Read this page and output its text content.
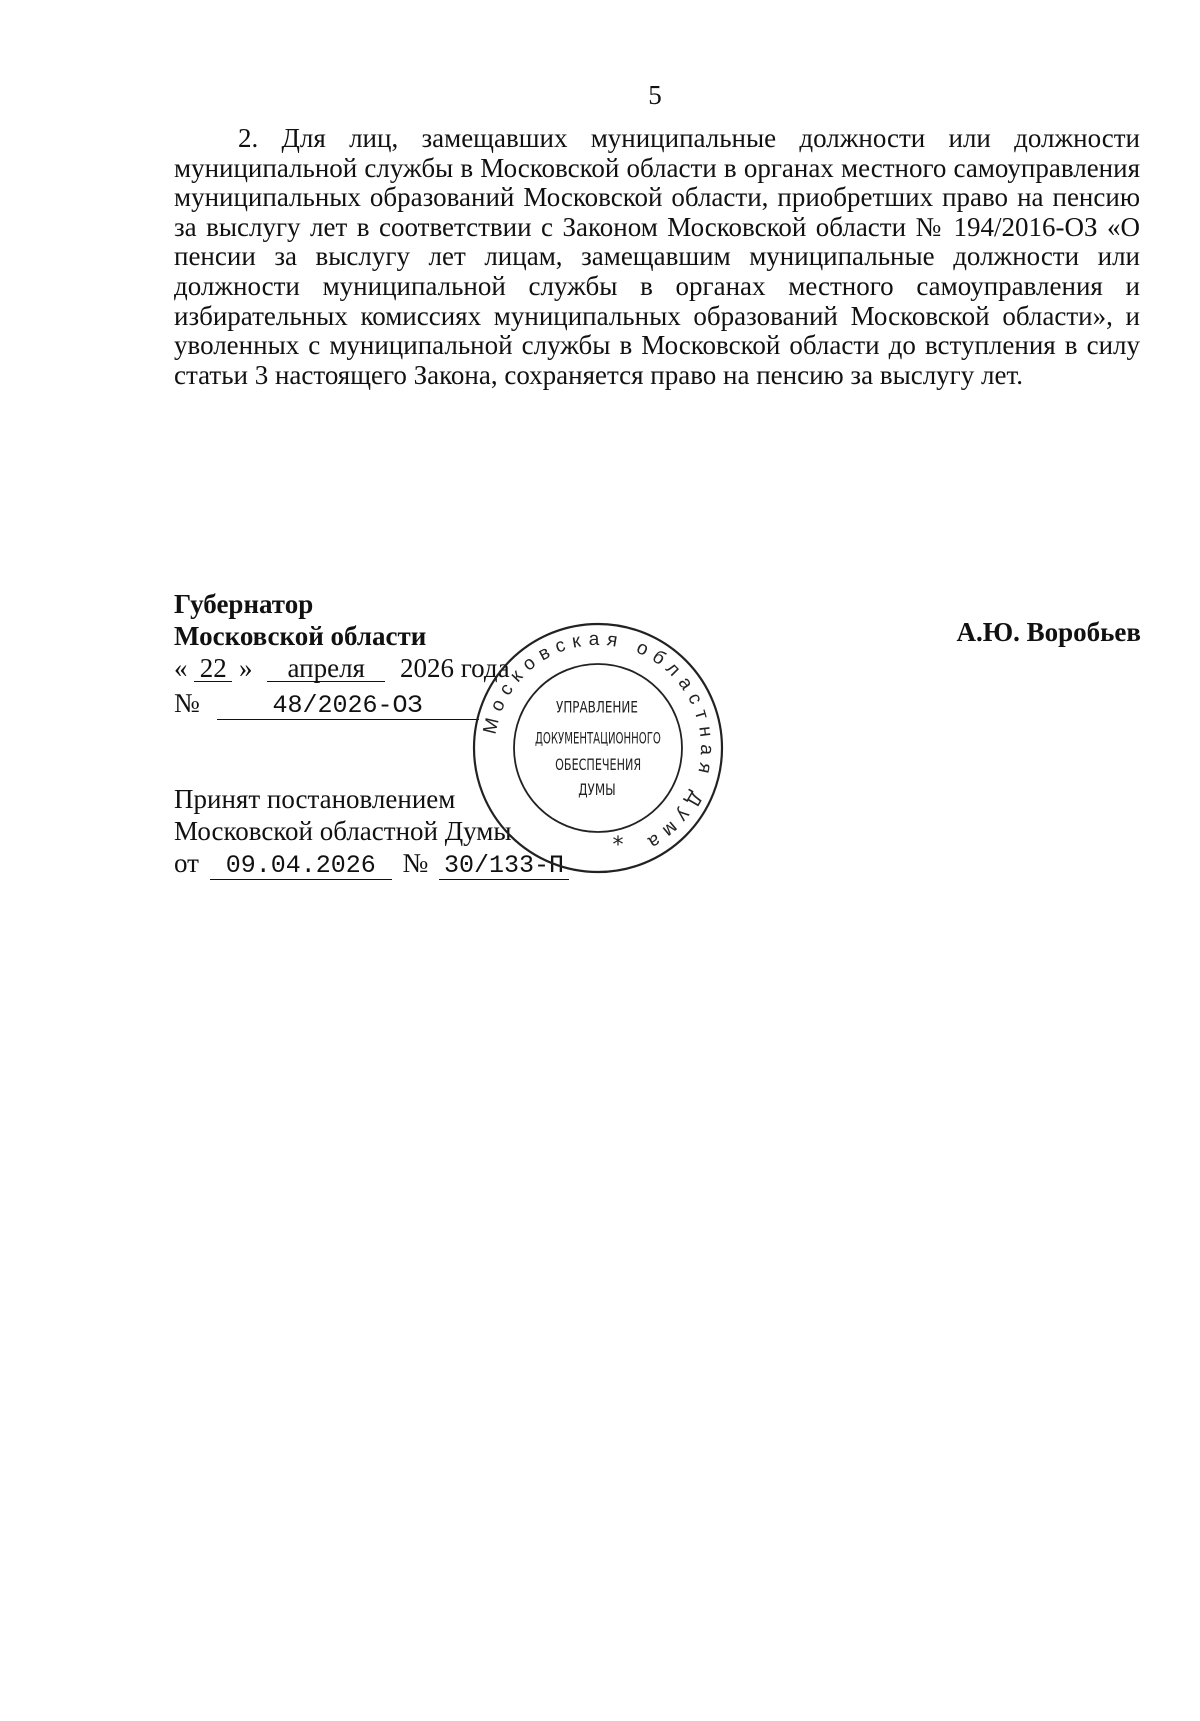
5

2. Для лиц, замещавших муниципальные должности или должности муниципальной службы в Московской области в органах местного самоуправления муниципальных образований Московской области, приобретших право на пенсию за выслугу лет в соответствии с Законом Московской области № 194/2016-ОЗ «О пенсии за выслугу лет лицам, замещавшим муниципальные должности или должности муниципальной службы в органах местного самоуправления и избирательных комиссиях муниципальных образований Московской области», и уволенных с муниципальной службы в Московской области до вступления в силу статьи 3 настоящего Закона, сохраняется право на пенсию за выслугу лет.

Губернатор
Московской области	А.Ю. Воробьев
« 22 » апреля 2026 года
№	48/2026-ОЗ
Принят постановлением
Московской областной Думы
от 09.04.2026 № 30/133-П
Московская областная Дума
УПРАВЛЕНИЕ
ДОКУМЕНТАЦИОННОГО
ОБЕСПЕЧЕНИЯ
ДУМЫ
*
